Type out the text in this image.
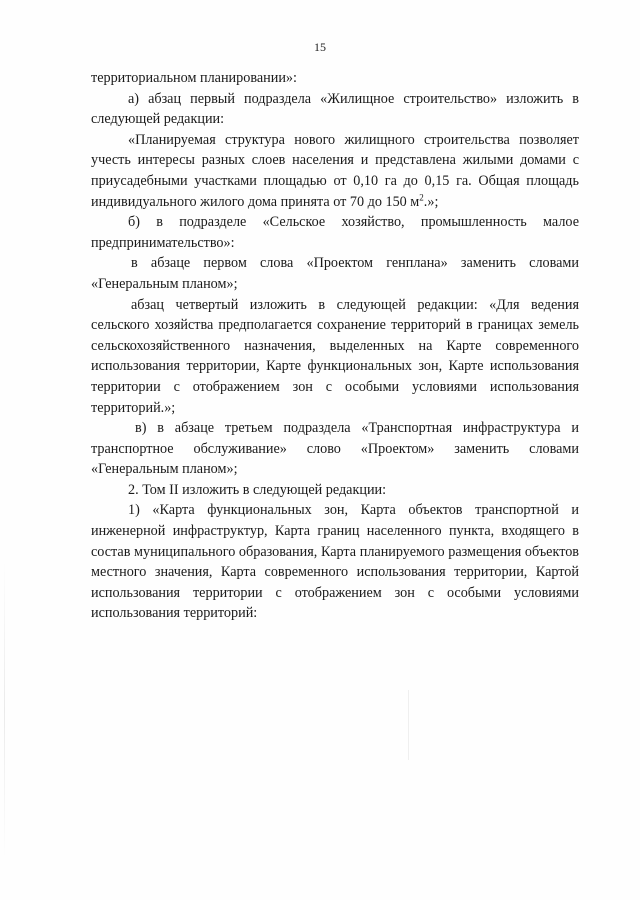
15

территориальном планировании»:

а) абзац первый подраздела «Жилищное строительство» изложить в следующей редакции:

«Планируемая структура нового жилищного строительства позволяет учесть интересы разных слоев населения и представлена жилыми домами с приусадебными участками площадью от 0,10 га до 0,15 га. Общая площадь индивидуального жилого дома принята от 70 до 150 $м^2$.»;

б) в подразделе «Сельское хозяйство, промышленность малое предпринимательство»:

в абзаце первом слова «Проектом генплана» заменить словами «Генеральным планом»;

абзац четвертый изложить в следующей редакции: «Для ведения сельского хозяйства предполагается сохранение территорий в границах земель сельскохозяйственного назначения, выделенных на Карте современного использования территории, Карте функциональных зон, Карте использования территории с отображением зон с особыми условиями использования территорий.»;

в) в абзаце третьем подраздела «Транспортная инфраструктура и транспортное обслуживание» слово «Проектом» заменить словами «Генеральным планом»;

2. Том II изложить в следующей редакции:

1) «Карта функциональных зон, Карта объектов транспортной и инженерной инфраструктур, Карта границ населенного пункта, входящего в состав муниципального образования, Карта планируемого размещения объектов местного значения, Карта современного использования территории, Картой использования территории с отображением зон с особыми условиями использования территорий:
